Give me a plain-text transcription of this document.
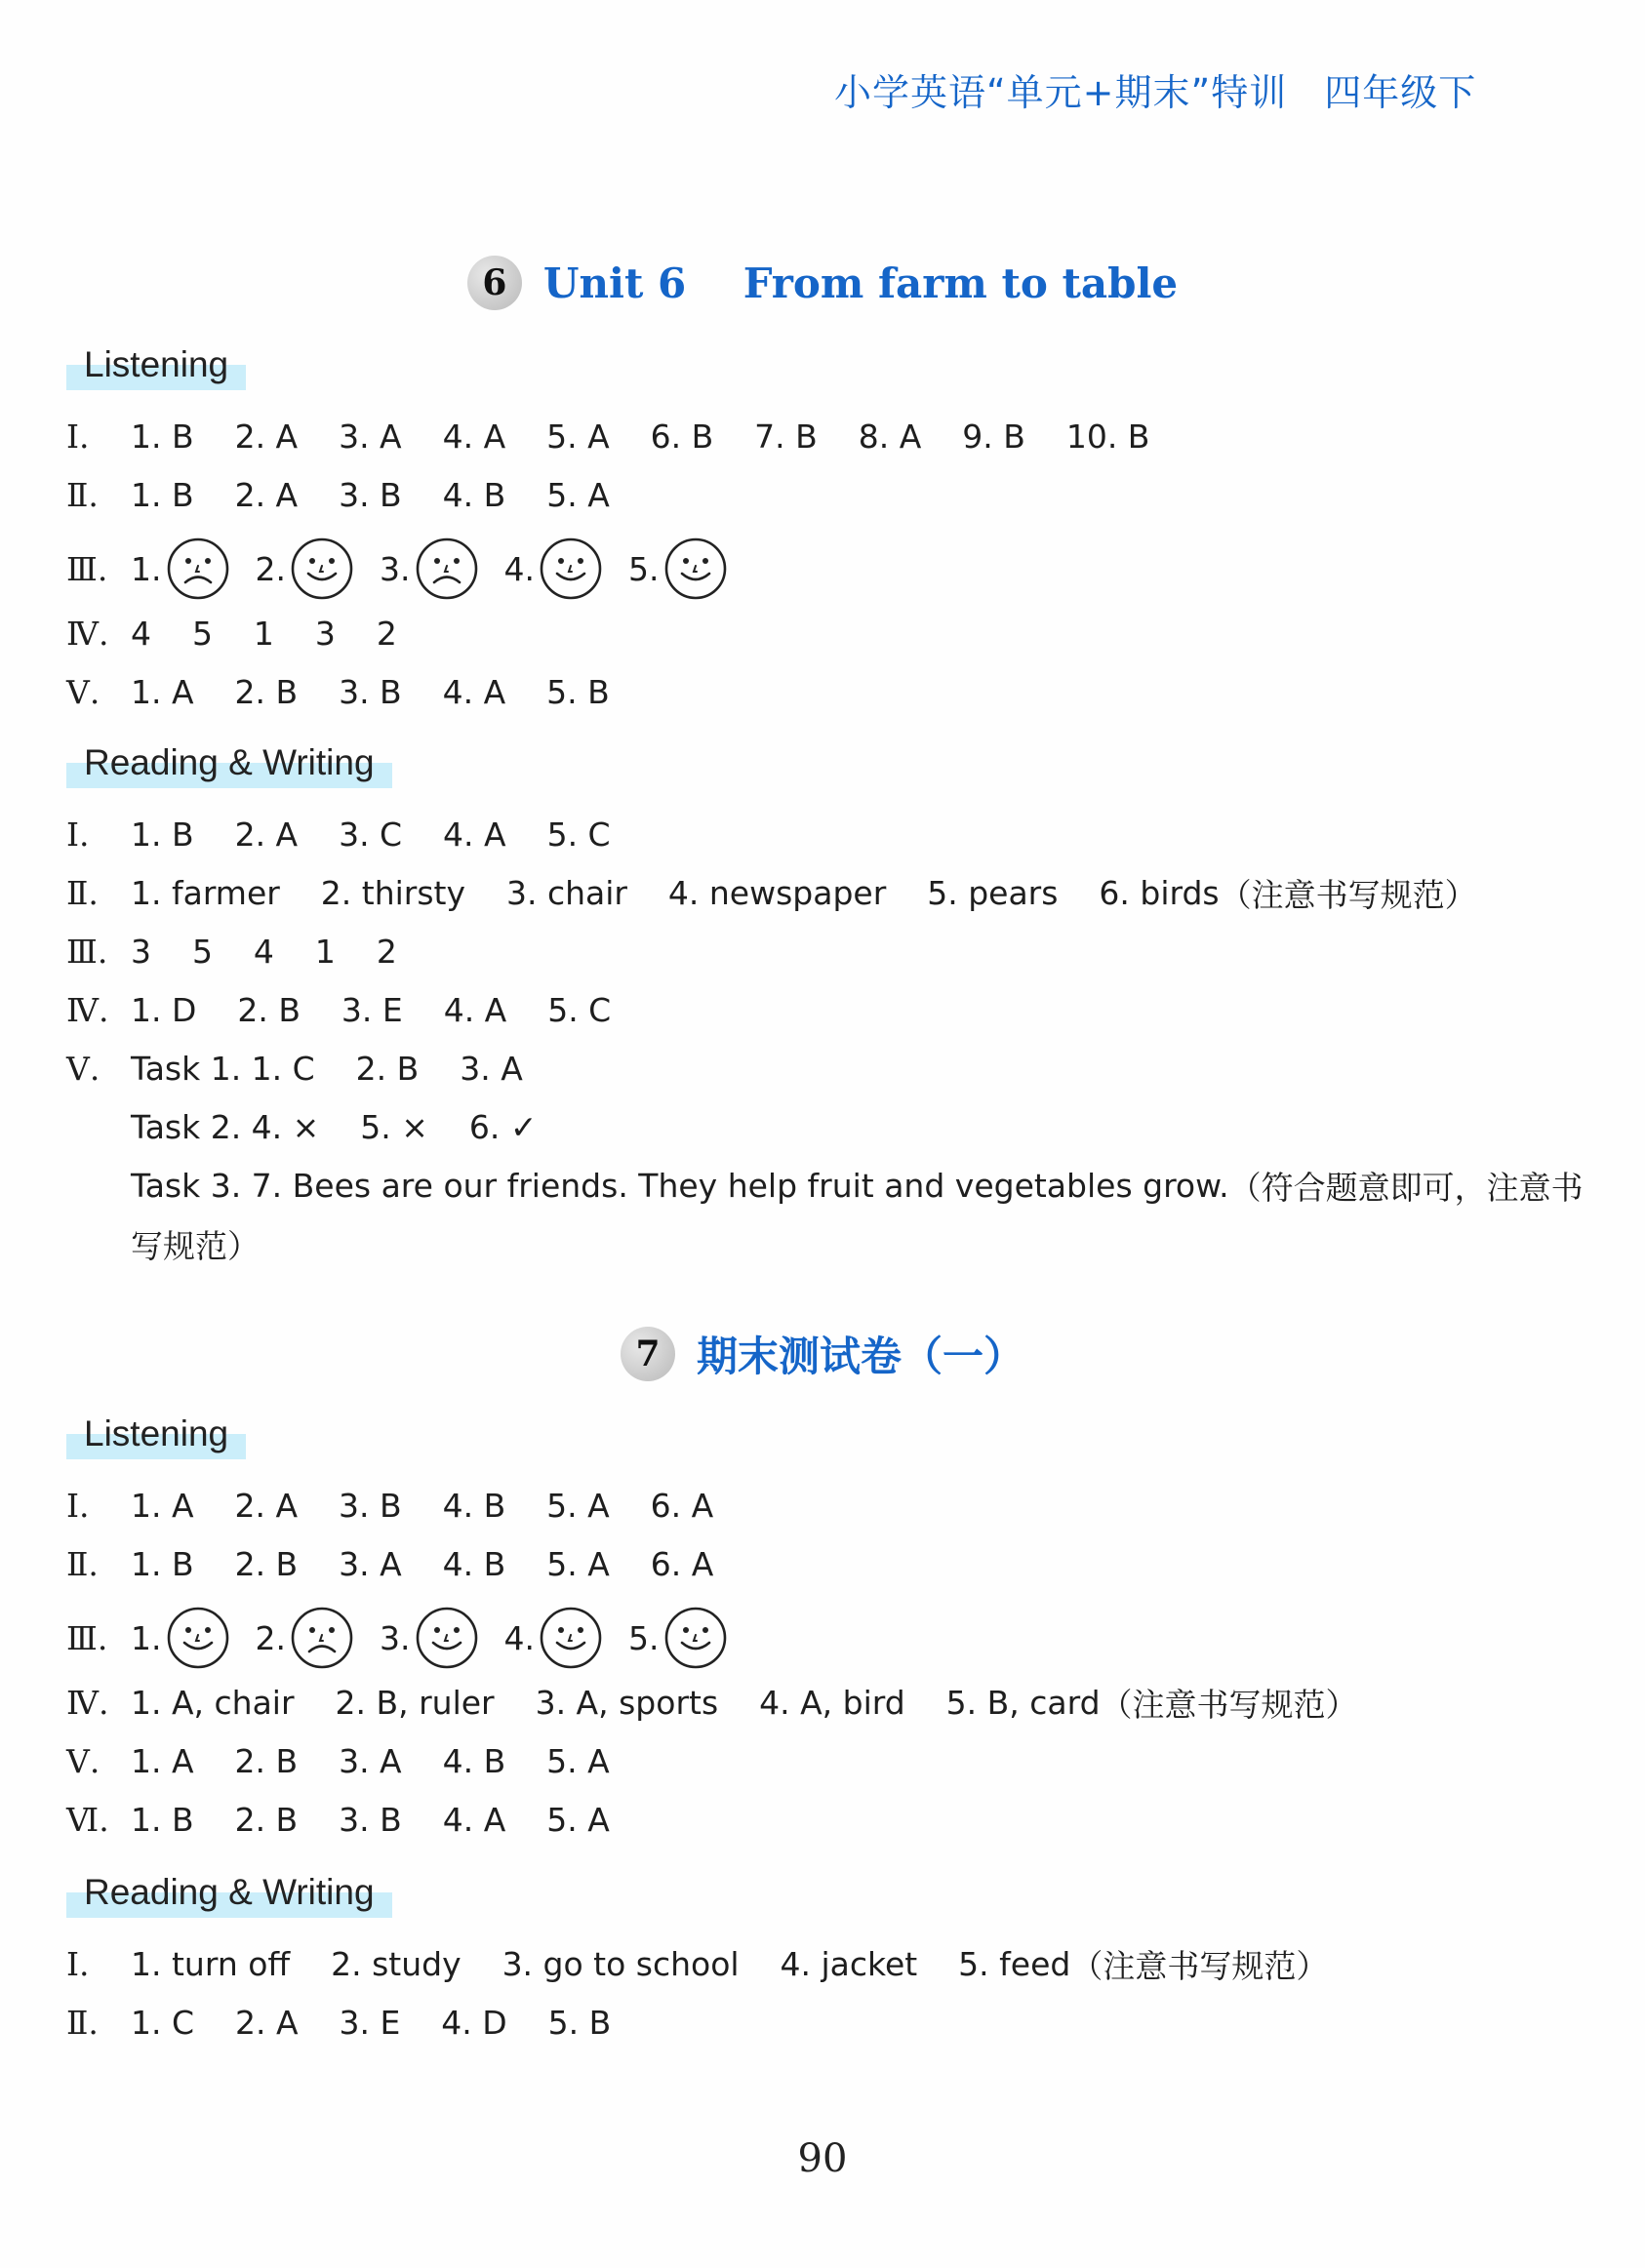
小学英语“单元+期末”特训 四年级下
6 Unit 6    From farm to table
Listening
Ⅰ.	1. B    2. A    3. A    4. A    5. A    6. B    7. B    8. A    9. B    10. B
Ⅱ.	1. B    2. A    3. B    4. B    5. A
Ⅲ. 1.	2.	3.	4.	5.
Ⅳ. 4    5    1    3    2
Ⅴ. 1. A    2. B    3. B    4. A    5. B
Reading & Writing
Ⅰ.	1. B    2. A    3. C    4. A    5. C
Ⅱ.	1. farmer    2. thirsty    3. chair    4. newspaper    5. pears    6. birds （注意书写规范）
Ⅲ. 3    5    4    1    2
Ⅳ. 1. D    2. B    3. E    4. A    5. C
Ⅴ. Task 1. 1. C    2. B    3. A
Task 2. 4. ×    5. ×    6. ✓
Task 3. 7. Bees are our friends. They help fruit and vegetables grow. （符合题意即可，注意书
写规范）
7 期末测试卷（一）
Listening
Ⅰ.	1. A    2. A    3. B    4. B    5. A    6. A
Ⅱ.	1. B    2. B    3. A    4. B    5. A    6. A
Ⅲ. 1.	2.	3.	4.	5.
Ⅳ. 1. A, chair    2. B, ruler    3. A, sports    4. A, bird    5. B, card （注意书写规范）
Ⅴ. 1. A    2. B    3. A    4. B    5. A
Ⅵ. 1. B    2. B    3. B    4. A    5. A
Reading & Writing
Ⅰ.	1. turn off    2. study    3. go to school    4. jacket    5. feed （注意书写规范）
Ⅱ.	1. C    2. A    3. E    4. D    5. B
90
